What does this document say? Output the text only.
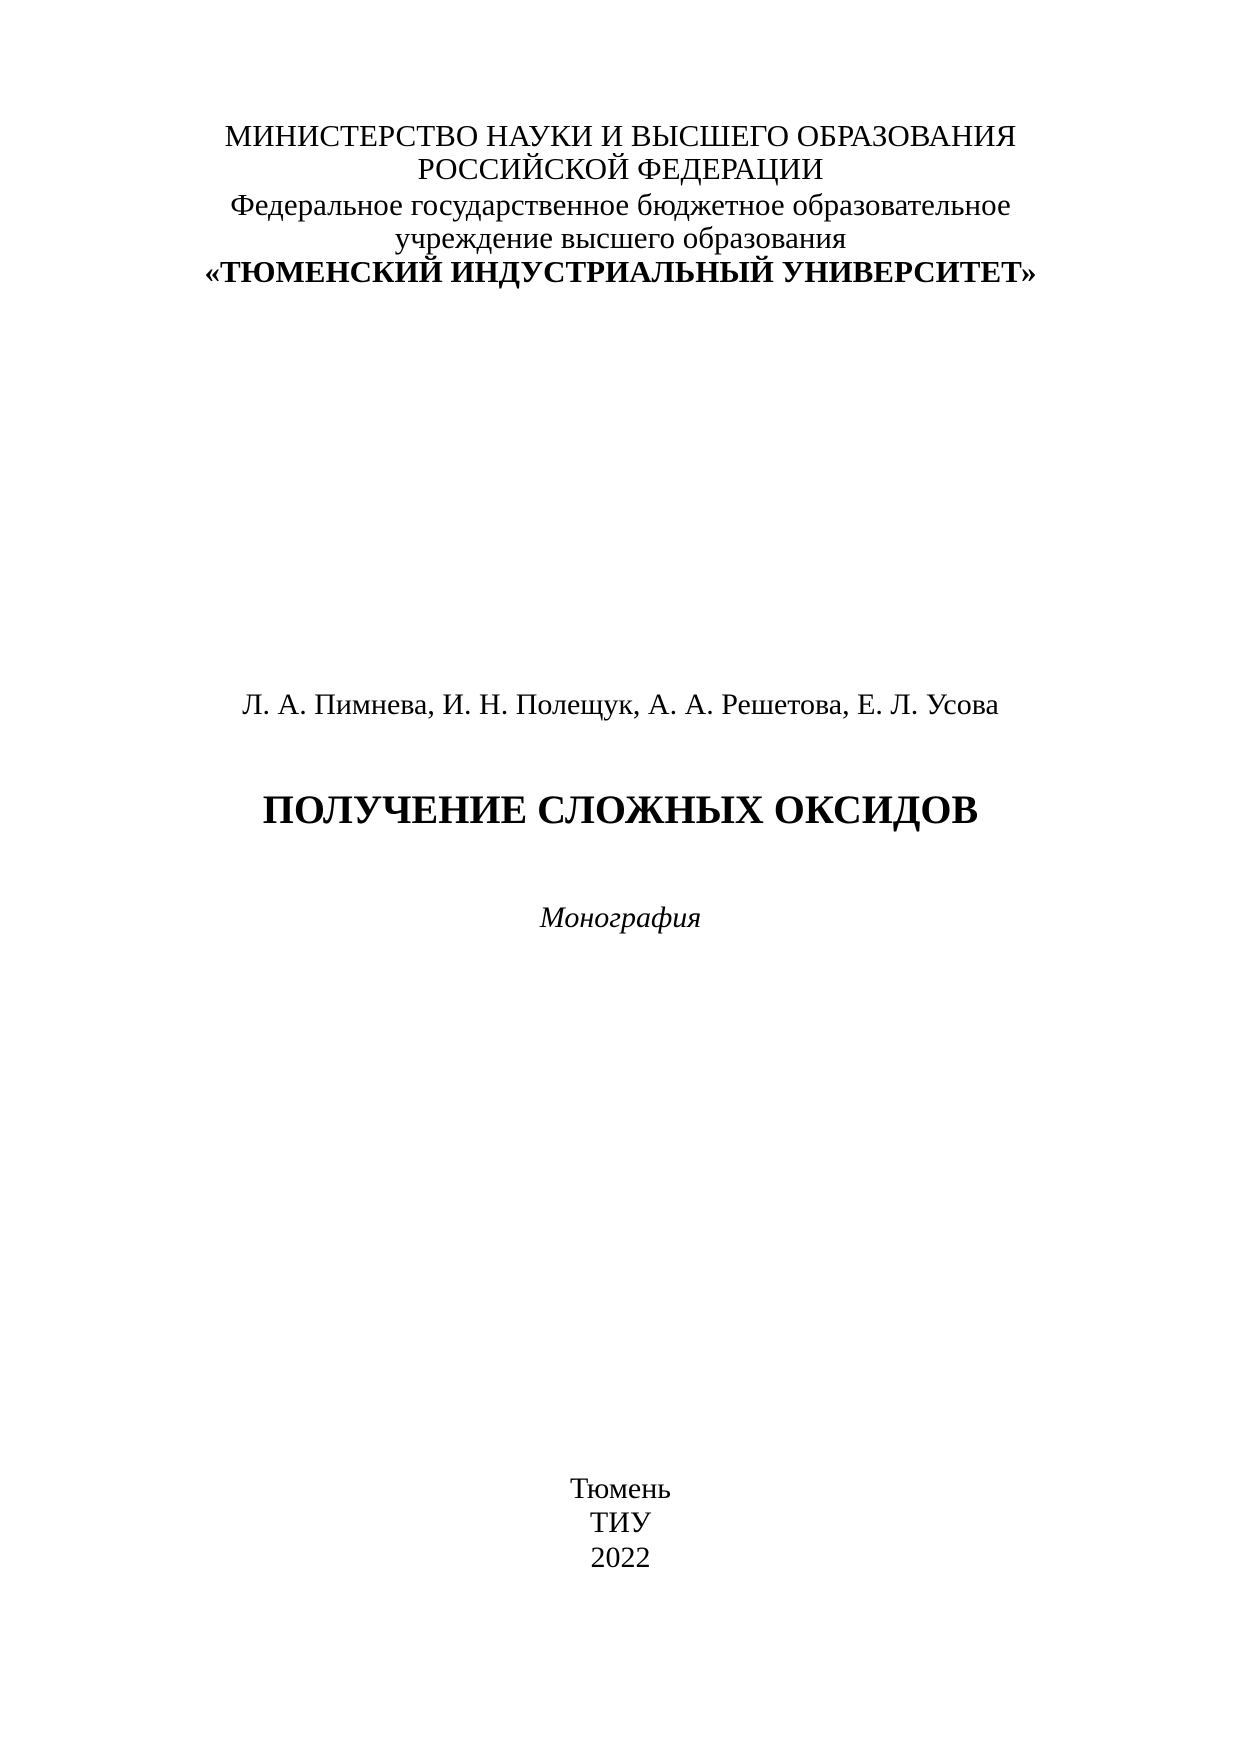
МИНИСТЕРСТВО НАУКИ И ВЫСШЕГО ОБРАЗОВАНИЯ
РОССИЙСКОЙ ФЕДЕРАЦИИ
Федеральное государственное бюджетное образовательное
учреждение высшего образования
«ТЮМЕНСКИЙ ИНДУСТРИАЛЬНЫЙ УНИВЕРСИТЕТ»
Л. А. Пимнева, И. Н. Полещук, А. А. Решетова, Е. Л. Усова
ПОЛУЧЕНИЕ СЛОЖНЫХ ОКСИДОВ
Монография
Тюмень
ТИУ
2022
